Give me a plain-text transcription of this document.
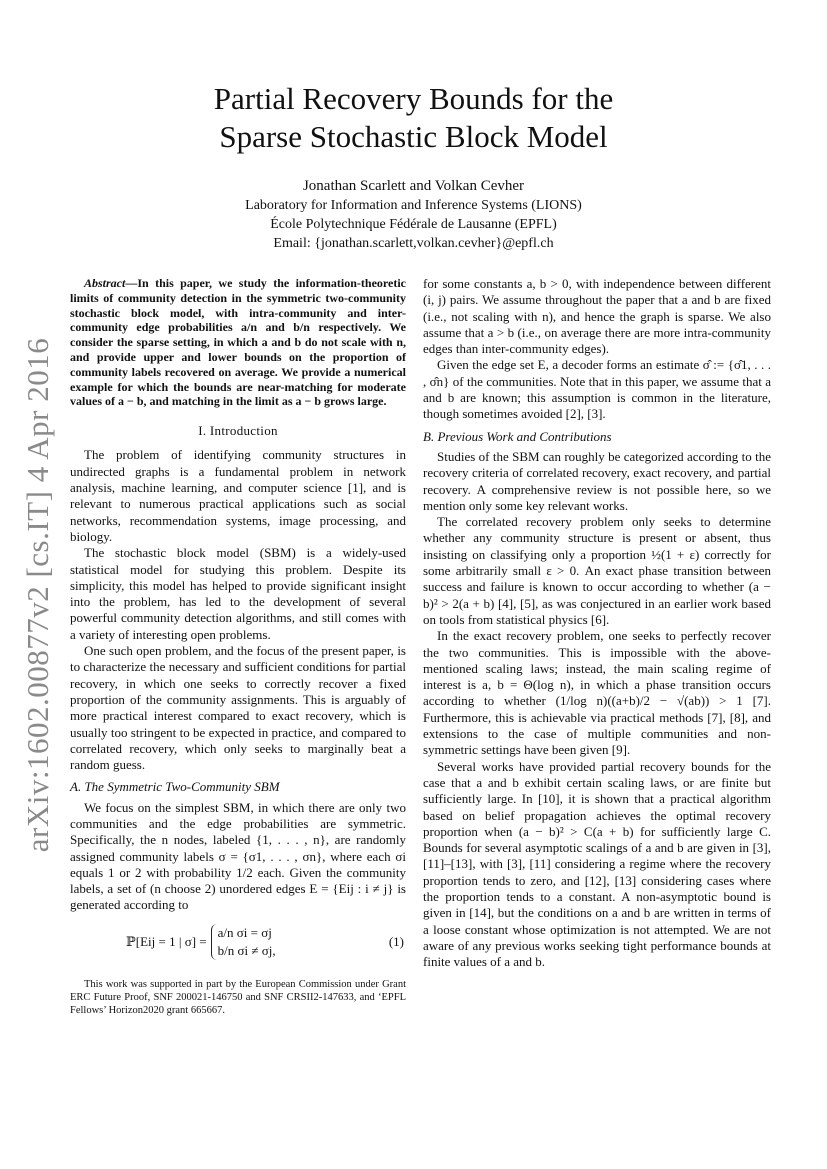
arXiv:1602.00877v2 [cs.IT] 4 Apr 2016
Partial Recovery Bounds for the
Sparse Stochastic Block Model
Jonathan Scarlett and Volkan Cevher
Laboratory for Information and Inference Systems (LIONS)
École Polytechnique Fédérale de Lausanne (EPFL)
Email: {jonathan.scarlett,volkan.cevher}@epfl.ch

Abstract—In this paper, we study the information-theoretic limits of community detection in the symmetric two-community stochastic block model, with intra-community and inter-community edge probabilities a/n and b/n respectively. We consider the sparse setting, in which a and b do not scale with n, and provide upper and lower bounds on the proportion of community labels recovered on average. We provide a numerical example for which the bounds are near-matching for moderate values of a − b, and matching in the limit as a − b grows large.

I. Introduction

The problem of identifying community structures in undirected graphs is a fundamental problem in network analysis, machine learning, and computer science [1], and is relevant to numerous practical applications such as social networks, recommendation systems, image processing, and biology.

The stochastic block model (SBM) is a widely-used statistical model for studying this problem. Despite its simplicity, this model has helped to provide significant insight into the problem, has led to the development of several powerful community detection algorithms, and still comes with a variety of interesting open problems.

One such open problem, and the focus of the present paper, is to characterize the necessary and sufficient conditions for partial recovery, in which one seeks to correctly recover a fixed proportion of the community assignments. This is arguably of more practical interest compared to exact recovery, which is usually too stringent to be expected in practice, and compared to correlated recovery, which only seeks to marginally beat a random guess.

A. The Symmetric Two-Community SBM

We focus on the simplest SBM, in which there are only two communities and the edge probabilities are symmetric. Specifically, the n nodes, labeled {1, . . . , n}, are randomly assigned community labels σ = {σ1, . . . , σn}, where each σi equals 1 or 2 with probability 1/2 each. Given the community labels, a set of (n choose 2) unordered edges E = {Eij : i ≠ j} is generated according to

ℙ[Eij = 1 | σ] =
a/n σi = σj
b/n σi ≠ σj,
(1)

This work was supported in part by the European Commission under Grant ERC Future Proof, SNF 200021-146750 and SNF CRSII2-147633, and ‘EPFL Fellows’ Horizon2020 grant 665667.

for some constants a, b > 0, with independence between different (i, j) pairs. We assume throughout the paper that a and b are fixed (i.e., not scaling with n), and hence the graph is sparse. We also assume that a > b (i.e., on average there are more intra-community edges than inter-community edges).

Given the edge set E, a decoder forms an estimate σ̂ := {σ̂1, . . . , σ̂n} of the communities. Note that in this paper, we assume that a and b are known; this assumption is common in the literature, though sometimes avoided [2], [3].

B. Previous Work and Contributions

Studies of the SBM can roughly be categorized according to the recovery criteria of correlated recovery, exact recovery, and partial recovery. A comprehensive review is not possible here, so we mention only some key relevant works.

The correlated recovery problem only seeks to determine whether any community structure is present or absent, thus insisting on classifying only a proportion ½(1 + ε) correctly for some arbitrarily small ε > 0. An exact phase transition between success and failure is known to occur according to whether (a − b)² > 2(a + b) [4], [5], as was conjectured in an earlier work based on tools from statistical physics [6].

In the exact recovery problem, one seeks to perfectly recover the two communities. This is impossible with the above-mentioned scaling laws; instead, the main scaling regime of interest is a, b = Θ(log n), in which a phase transition occurs according to whether (1/log n)((a+b)/2 − √(ab)) > 1 [7]. Furthermore, this is achievable via practical methods [7], [8], and extensions to the case of multiple communities and non-symmetric settings have been given [9].

Several works have provided partial recovery bounds for the case that a and b exhibit certain scaling laws, or are finite but sufficiently large. In [10], it is shown that a practical algorithm based on belief propagation achieves the optimal recovery proportion when (a − b)² > C(a + b) for sufficiently large C. Bounds for several asymptotic scalings of a and b are given in [3], [11]–[13], with [3], [11] considering a regime where the recovery proportion tends to zero, and [12], [13] considering cases where the proportion tends to a constant. A non-asymptotic bound is given in [14], but the conditions on a and b are written in terms of a loose constant whose optimization is not attempted. We are not aware of any previous works seeking tight performance bounds at finite values of a and b.
